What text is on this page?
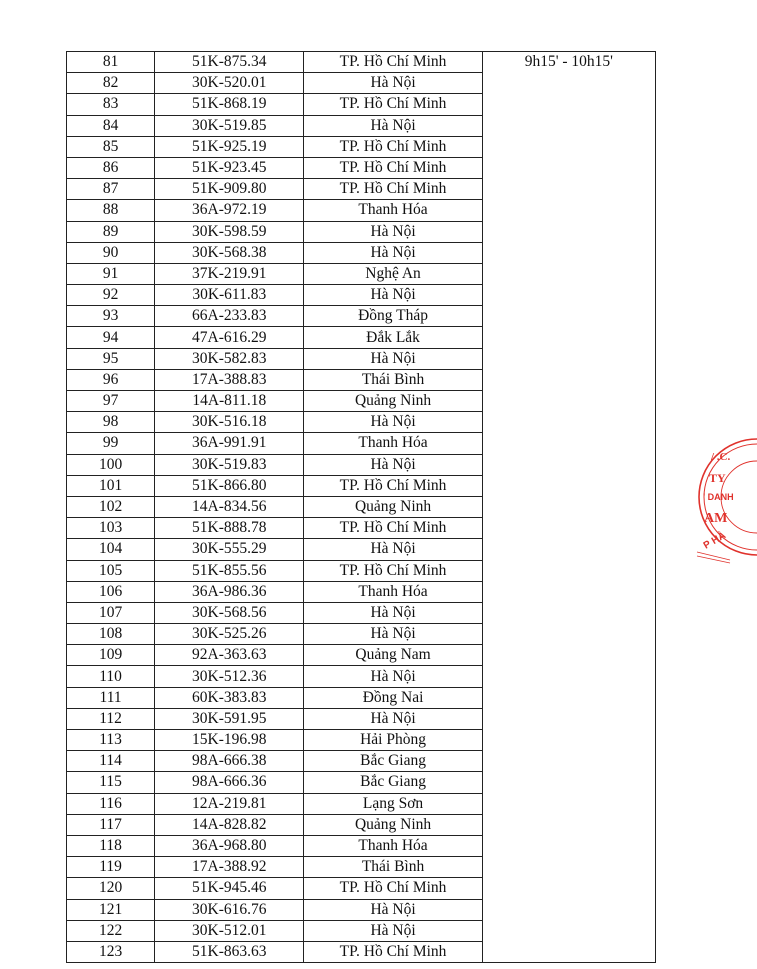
81	51K-875.34	TP. Hồ Chí Minh	9h15' - 10h15'
82	30K-520.01	Hà Nội	
83	51K-868.19	TP. Hồ Chí Minh	
84	30K-519.85	Hà Nội	
85	51K-925.19	TP. Hồ Chí Minh	
86	51K-923.45	TP. Hồ Chí Minh	
87	51K-909.80	TP. Hồ Chí Minh	
88	36A-972.19	Thanh Hóa	
89	30K-598.59	Hà Nội	
90	30K-568.38	Hà Nội	
91	37K-219.91	Nghệ An	
92	30K-611.83	Hà Nội	
93	66A-233.83	Đồng Tháp	
94	47A-616.29	Đắk Lắk	
95	30K-582.83	Hà Nội	
96	17A-388.83	Thái Bình	
97	14A-811.18	Quảng Ninh	
98	30K-516.18	Hà Nội	
99	36A-991.91	Thanh Hóa	
100	30K-519.83	Hà Nội	
101	51K-866.80	TP. Hồ Chí Minh	
102	14A-834.56	Quảng Ninh	
103	51K-888.78	TP. Hồ Chí Minh	
104	30K-555.29	Hà Nội	
105	51K-855.56	TP. Hồ Chí Minh	
106	36A-986.36	Thanh Hóa	
107	30K-568.56	Hà Nội	
108	30K-525.26	Hà Nội	
109	92A-363.63	Quảng Nam	
110	30K-512.36	Hà Nội	
111	60K-383.83	Đồng Nai	
112	30K-591.95	Hà Nội	
113	15K-196.98	Hải Phòng	
114	98A-666.38	Bắc Giang	
115	98A-666.36	Bắc Giang	
116	12A-219.81	Lạng Sơn	
117	14A-828.82	Quảng Ninh	
118	36A-968.80	Thanh Hóa	
119	17A-388.92	Thái Bình	
120	51K-945.46	TP. Hồ Chí Minh	
121	30K-616.76	Hà Nội	
122	30K-512.01	Hà Nội	
123	51K-863.63	TP. Hồ Chí Minh	
/ .C.
TY
' DANH
AM
P HÀ
